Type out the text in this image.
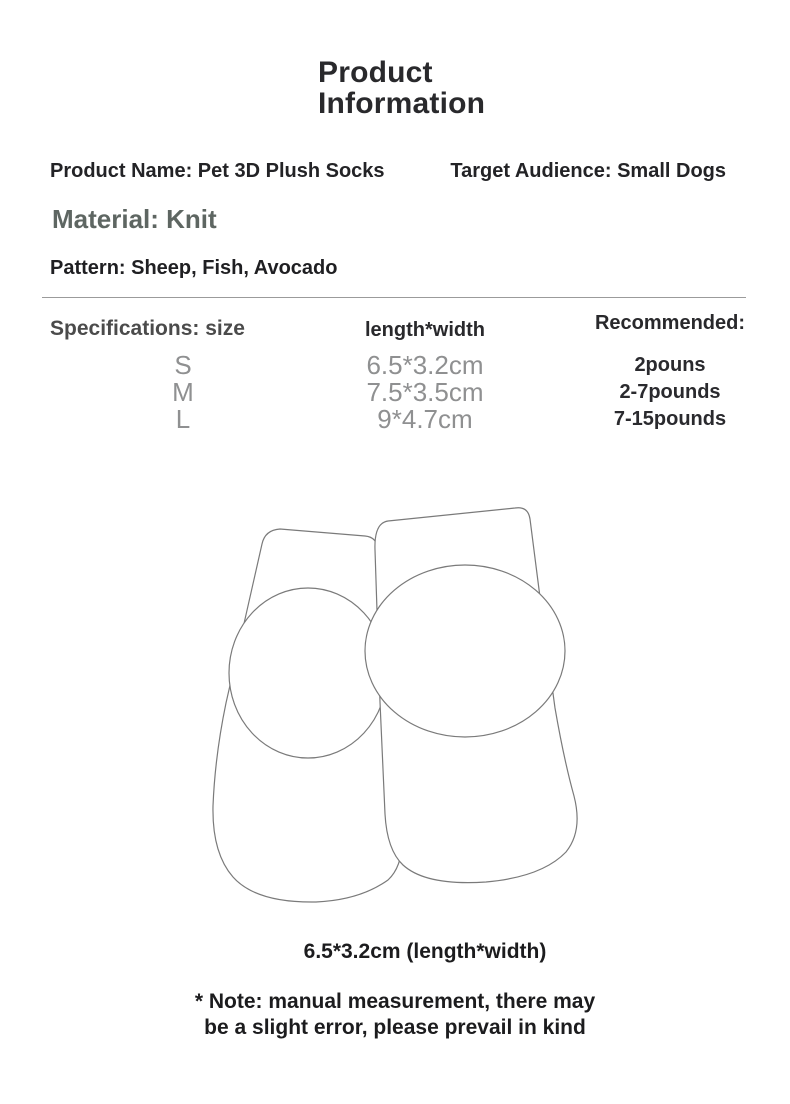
Product
Information
Product Name: Pet 3D Plush Socks	Target Audience: Small Dogs
Material: Knit
Pattern: Sheep, Fish, Avocado
Specifications: size	length*width	Recommended:
S	6.5*3.2cm	2pouns
M	7.5*3.5cm	2-7pounds
L	9*4.7cm	7-15pounds
6.5*3.2cm (length*width)
* Note: manual measurement, there may
be a slight error, please prevail in kind
